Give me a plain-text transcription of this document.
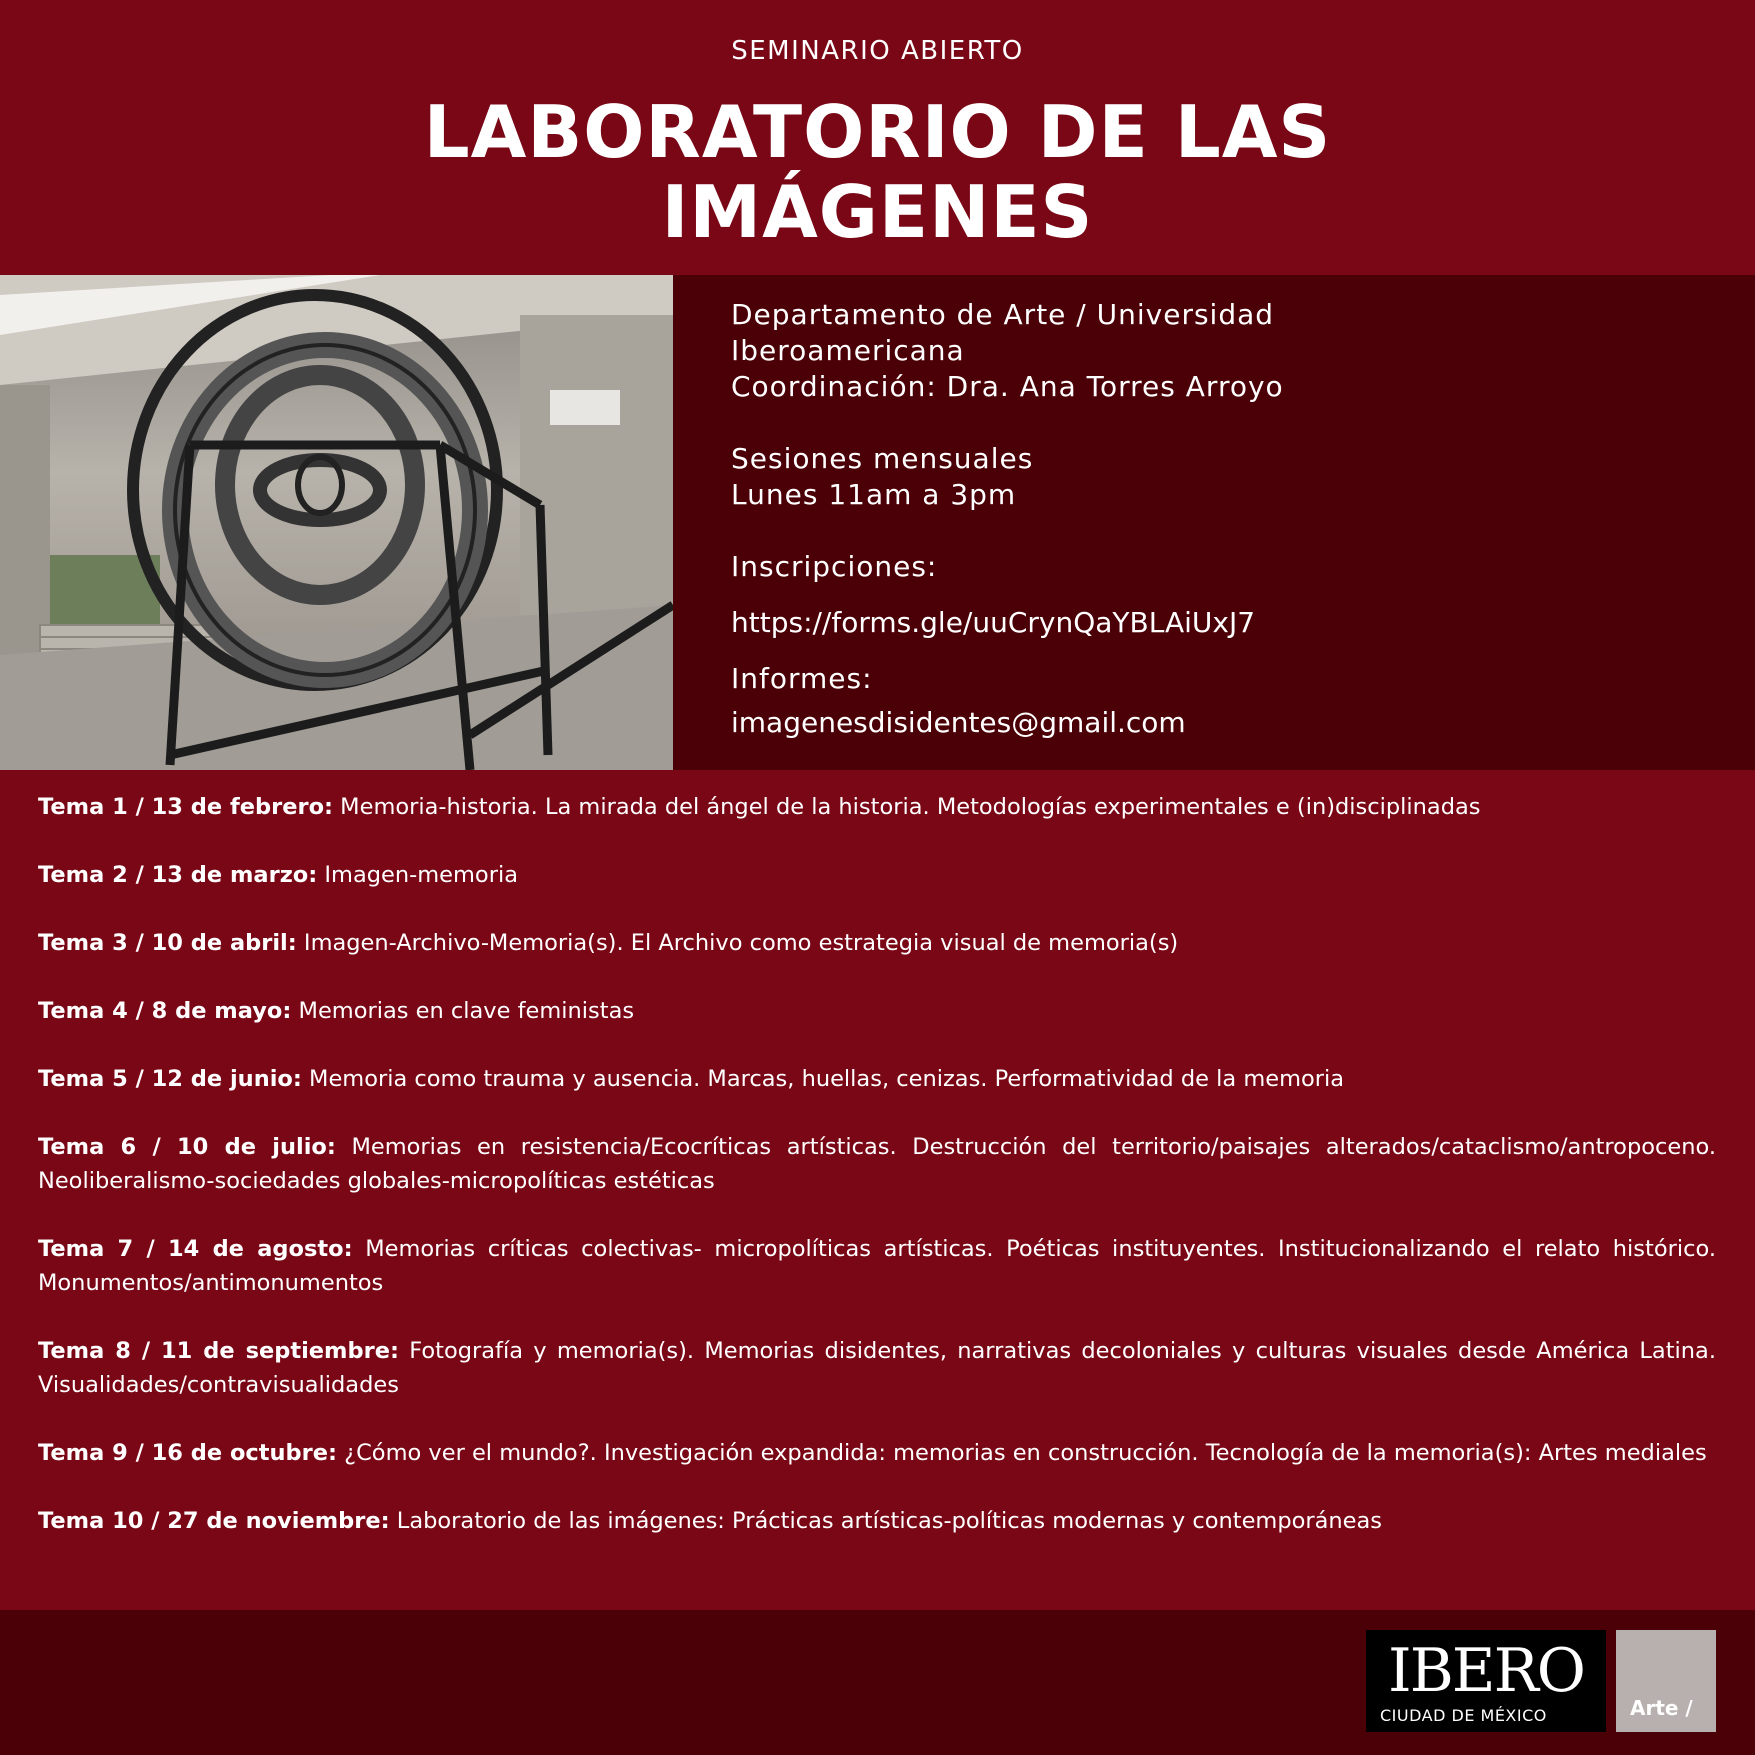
SEMINARIO ABIERTO
LABORATORIO DE LAS
IMÁGENES

Departamento de Arte / Universidad

Iberoamericana

Coordinación: Dra. Ana Torres Arroyo

Sesiones mensuales

Lunes 11am a 3pm

Inscripciones:

https://forms.gle/uuCrynQaYBLAiUxJ7

Informes:

imagenesdisidentes@gmail.com

Tema 1 / 13 de febrero: Memoria-historia. La mirada del ángel de la historia. Metodologías experimentales e (in)disciplinadas

Tema 2 / 13 de marzo: Imagen-memoria

Tema 3 / 10 de abril: Imagen-Archivo-Memoria(s). El Archivo como estrategia visual de memoria(s)

Tema 4 / 8 de mayo: Memorias en clave feministas

Tema 5 / 12 de junio: Memoria como trauma y ausencia. Marcas, huellas, cenizas. Performatividad de la memoria

Tema 6 / 10 de julio: Memorias en resistencia/Ecocríticas artísticas. Destrucción del territorio/paisajes alterados/cataclismo/antropoceno. Neoliberalismo-sociedades globales-micropolíticas estéticas

Tema 7 / 14 de agosto: Memorias críticas colectivas- micropolíticas artísticas. Poéticas instituyentes. Institucionalizando el relato histórico. Monumentos/antimonumentos

Tema 8 / 11 de septiembre: Fotografía y memoria(s). Memorias disidentes, narrativas decoloniales y culturas visuales desde América Latina. Visualidades/contravisualidades

Tema 9 / 16 de octubre: ¿Cómo ver el mundo?. Investigación expandida: memorias en construcción. Tecnología de la memoria(s): Artes mediales

Tema 10 / 27 de noviembre: Laboratorio de las imágenes: Prácticas artísticas-políticas modernas y contemporáneas

IBERO
CIUDAD DE MÉXICO	Arte /
